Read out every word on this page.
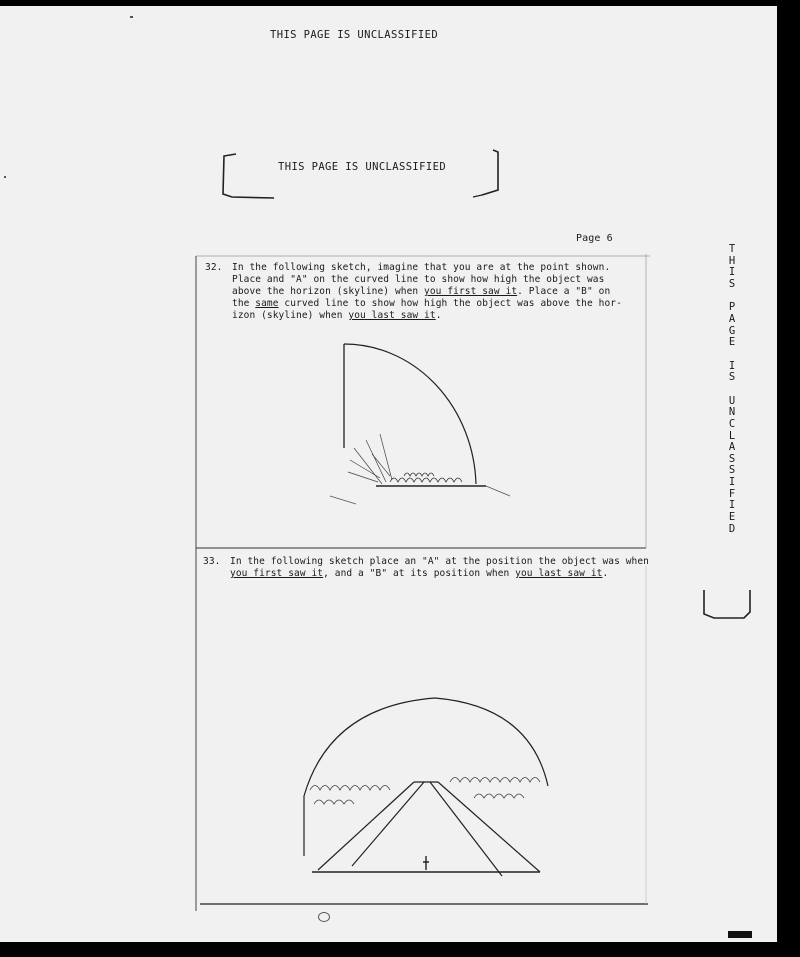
THIS PAGE IS UNCLASSIFIED
THIS PAGE IS UNCLASSIFIED
Page 6
T
H
I
S

P
A
G
E

I
S

U
N
C
L
A
S
S
I
F
I
E
D
32. In the following sketch, imagine that you are at the point shown.
Place and "A" on the curved line to show how high the object was
above the horizon (skyline) when you first saw it. Place a "B" on
the same curved line to show how high the object was above the hor-
izon (skyline) when you last saw it.
33. In the following sketch place an "A" at the position the object was when
you first saw it, and a "B" at its position when you last saw it.
